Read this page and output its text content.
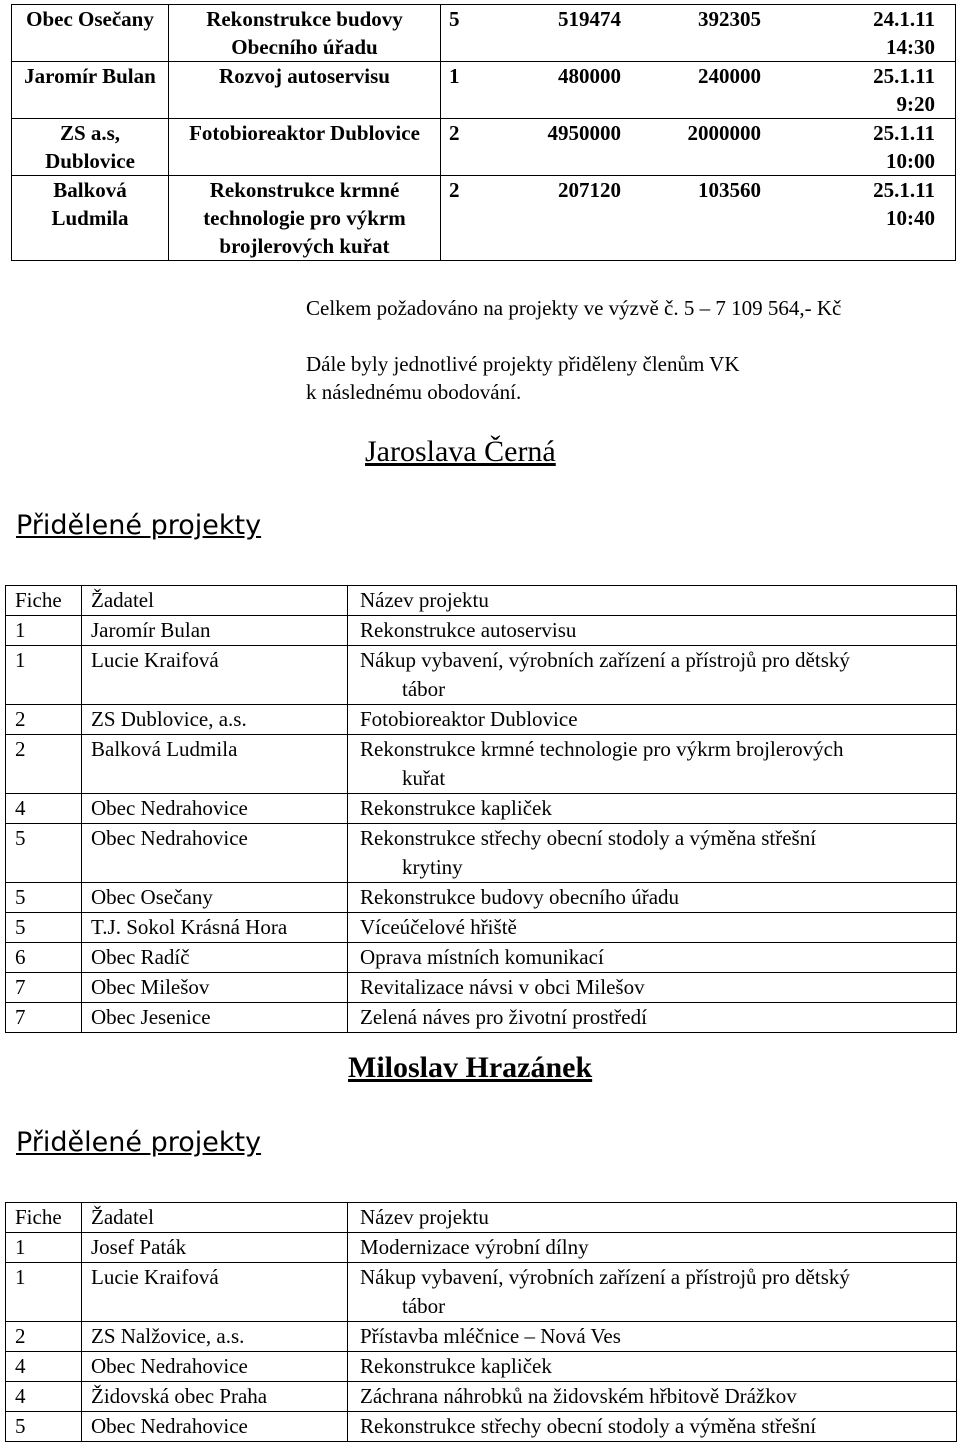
Obec Osečany	Rekonstrukce budovy Obecního úřadu	5 519474 392305 24.1.11
14:30

Jaromír Bulan	Rozvoj autoservisu	1 480000 240000 25.1.11
9:20

ZS a.s, Dublovice	Fotobioreaktor Dublovice	2 4950000 2000000 25.1.11
10:00

Balková Ludmila	Rekonstrukce krmné technologie pro výkrm brojlerových kuřat	2 207120 103560 25.1.11
10:40
Celkem požadováno na projekty ve výzvě č. 5 – 7 109 564,- Kč
Dále byly jednotlivé projekty přiděleny členům VK
k následnému obodování.
Jaroslava Černá
Přidělené projekty
Fiche	Žadatel	Název projektu
1	Jaromír Bulan	Rekonstrukce autoservisu

1	Lucie Kraifová	Nákup vybavení, výrobních zařízení a přístrojů pro dětský
tábor

2	ZS Dublovice, a.s.	Fotobioreaktor Dublovice

2	Balková Ludmila	Rekonstrukce krmné technologie pro výkrm brojlerových
kuřat

4	Obec Nedrahovice	Rekonstrukce kapliček

5	Obec Nedrahovice	Rekonstrukce střechy obecní stodoly a výměna střešní
krytiny

5	Obec Osečany	Rekonstrukce budovy obecního úřadu

5	T.J. Sokol Krásná Hora	Víceúčelové hřiště

6	Obec Radíč	Oprava místních komunikací

7	Obec Milešov	Revitalizace návsi v obci Milešov

7	Obec Jesenice	Zelená náves pro životní prostředí
Miloslav Hrazánek
Přidělené projekty
Fiche	Žadatel	Název projektu
1	Josef Paták	Modernizace výrobní dílny

1	Lucie Kraifová	Nákup vybavení, výrobních zařízení a přístrojů pro dětský
tábor

2	ZS Nalžovice, a.s.	Přístavba mléčnice – Nová Ves

4	Obec Nedrahovice	Rekonstrukce kapliček

4	Židovská obec Praha	Záchrana náhrobků na židovském hřbitově Drážkov

5	Obec Nedrahovice	Rekonstrukce střechy obecní stodoly a výměna střešní
